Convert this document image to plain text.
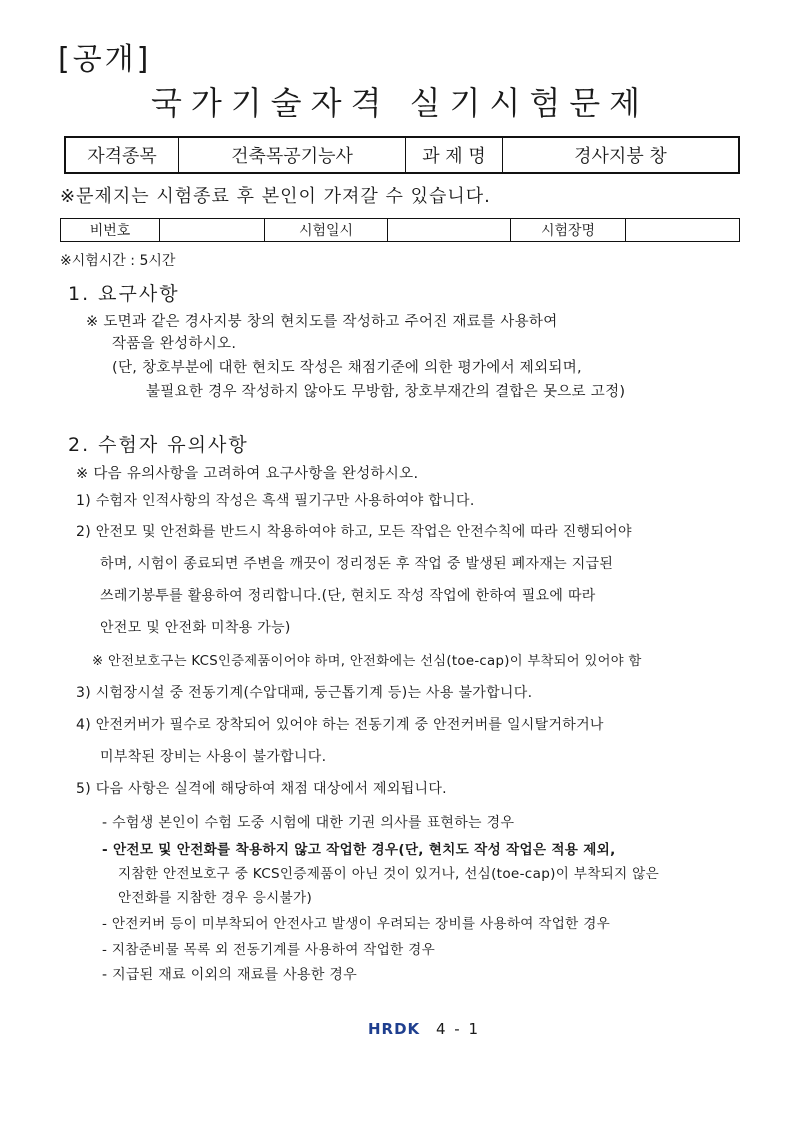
[공개]
국가기술자격 실기시험문제
자격종목	건축목공기능사	과 제 명	경사지붕 창
※문제지는 시험종료 후 본인이 가져갈 수 있습니다.
비번호		시험일시		시험장명	
※시험시간 : 5시간
1. 요구사항
※ 도면과 같은 경사지붕 창의 현치도를 작성하고 주어진 재료를 사용하여
작품을 완성하시오.
(단, 창호부분에 대한 현치도 작성은 채점기준에 의한 평가에서 제외되며,
불필요한 경우 작성하지 않아도 무방함, 창호부재간의 결합은 못으로 고정)
2. 수험자 유의사항
※ 다음 유의사항을 고려하여 요구사항을 완성하시오.
1) 수험자 인적사항의 작성은 흑색 필기구만 사용하여야 합니다.
2) 안전모 및 안전화를 반드시 착용하여야 하고, 모든 작업은 안전수칙에 따라 진행되어야
하며, 시험이 종료되면 주변을 깨끗이 정리정돈 후 작업 중 발생된 폐자재는 지급된
쓰레기봉투를 활용하여 정리합니다.(단, 현치도 작성 작업에 한하여 필요에 따라
안전모 및 안전화 미착용 가능)
※ 안전보호구는 KCS인증제품이어야 하며, 안전화에는 선심(toe-cap)이 부착되어 있어야 함
3) 시험장시설 중 전동기계(수압대패, 둥근톱기계 등)는 사용 불가합니다.
4) 안전커버가 필수로 장착되어 있어야 하는 전동기계 중 안전커버를 일시탈거하거나
미부착된 장비는 사용이 불가합니다.
5) 다음 사항은 실격에 해당하여 채점 대상에서 제외됩니다.
- 수험생 본인이 수험 도중 시험에 대한 기권 의사를 표현하는 경우
- 안전모 및 안전화를 착용하지 않고 작업한 경우(단, 현치도 작성 작업은 적용 제외,
지참한 안전보호구 중 KCS인증제품이 아닌 것이 있거나, 선심(toe-cap)이 부착되지 않은
안전화를 지참한 경우 응시불가)
- 안전커버 등이 미부착되어 안전사고 발생이 우려되는 장비를 사용하여 작업한 경우
- 지참준비물 목록 외 전동기계를 사용하여 작업한 경우
- 지급된 재료 이외의 재료를 사용한 경우
HRDK 4 - 1
